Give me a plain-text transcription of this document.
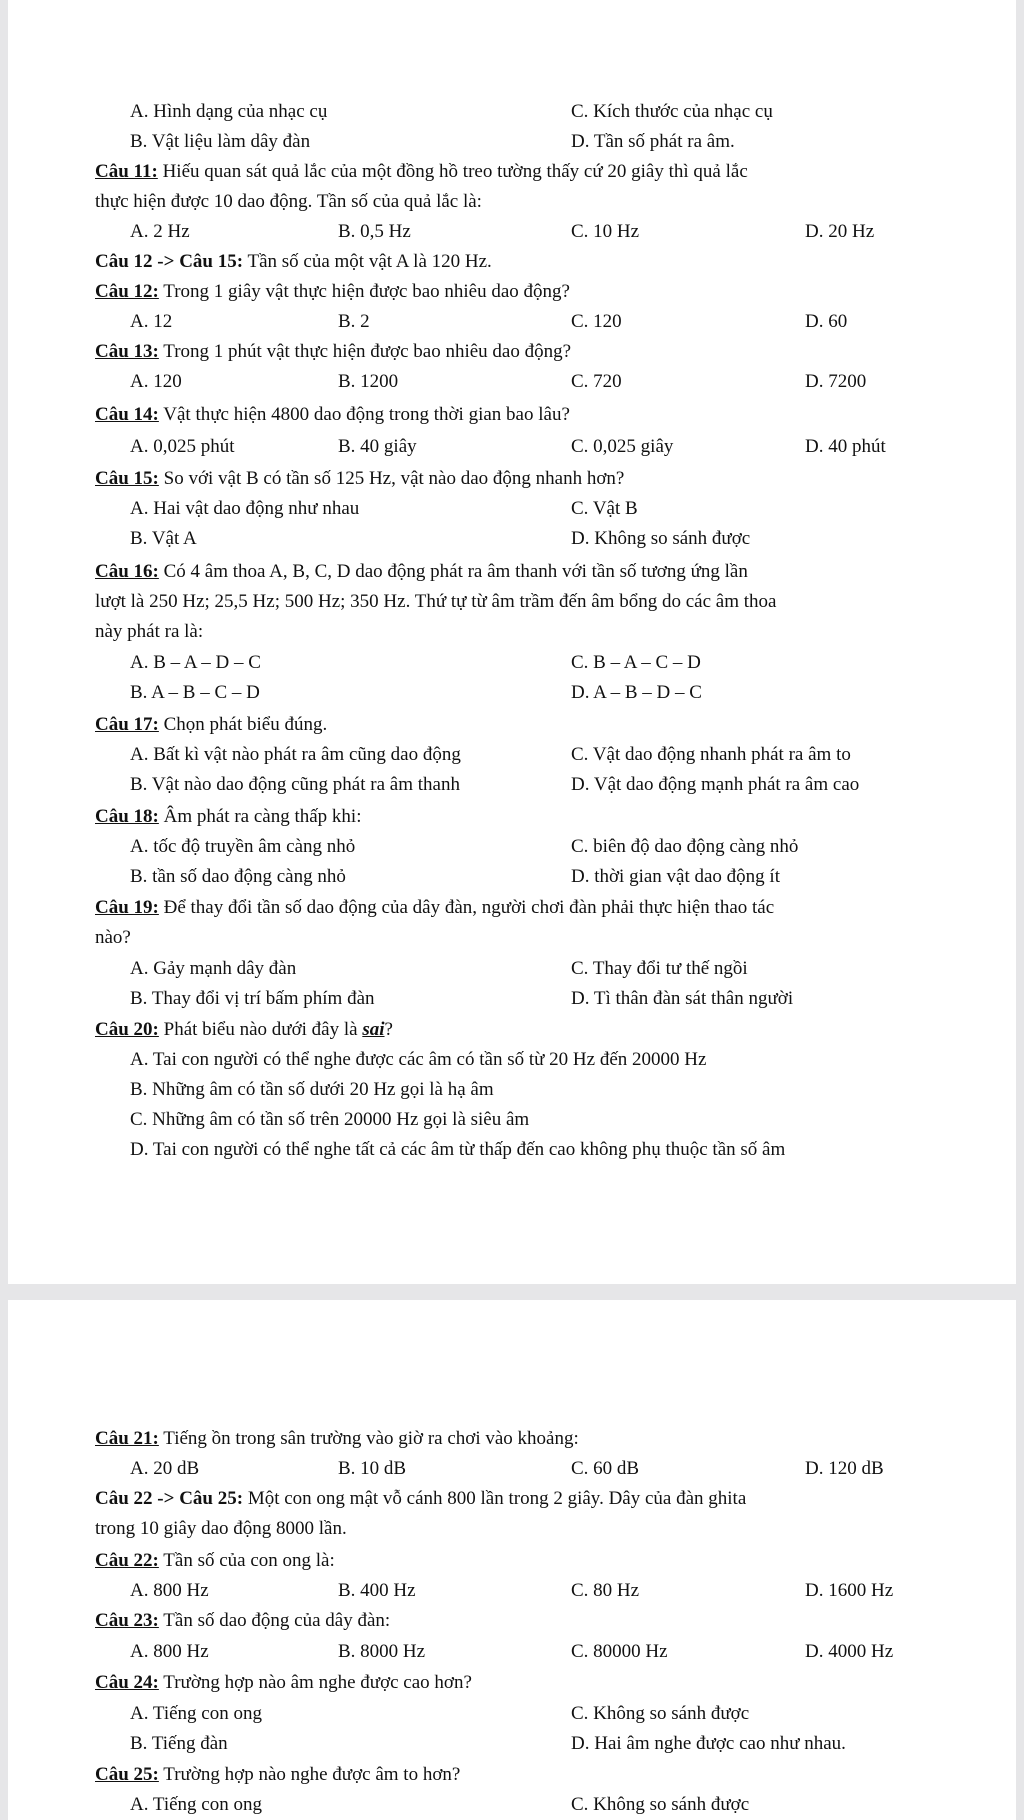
A. Hình dạng của nhạc cụ	C. Kích thước của nhạc cụ
B. Vật liệu làm dây đàn	D. Tần số phát ra âm.
Câu 11: Hiếu quan sát quả lắc của một đồng hồ treo tường thấy cứ 20 giây thì quả lắc
thực hiện được 10 dao động. Tần số của quả lắc là:
A. 2 Hz	B. 0,5 Hz	C. 10 Hz	D. 20 Hz
Câu 12 -> Câu 15: Tần số của một vật A là 120 Hz.
Câu 12: Trong 1 giây vật thực hiện được bao nhiêu dao động?
A. 12	B. 2	C. 120	D. 60
Câu 13: Trong 1 phút vật thực hiện được bao nhiêu dao động?
A. 120	B. 1200	C. 720	D. 7200
Câu 14: Vật thực hiện 4800 dao động trong thời gian bao lâu?
A. 0,025 phút	B. 40 giây	C. 0,025 giây	D. 40 phút
Câu 15: So với vật B có tần số 125 Hz, vật nào dao động nhanh hơn?
A. Hai vật dao động như nhau	C. Vật B
B. Vật A	D. Không so sánh được
Câu 16: Có 4 âm thoa A, B, C, D dao động phát ra âm thanh với tần số tương ứng lần
lượt là 250 Hz; 25,5 Hz; 500 Hz; 350 Hz. Thứ tự từ âm trầm đến âm bổng do các âm thoa
này phát ra là:
A. B – A – D – C	C. B – A – C – D
B. A – B – C – D	D. A – B – D – C
Câu 17: Chọn phát biểu đúng.
A. Bất kì vật nào phát ra âm cũng dao động	C. Vật dao động nhanh phát ra âm to
B. Vật nào dao động cũng phát ra âm thanh	D. Vật dao động mạnh phát ra âm cao
Câu 18: Âm phát ra càng thấp khi:
A. tốc độ truyền âm càng nhỏ	C. biên độ dao động càng nhỏ
B. tần số dao động càng nhỏ	D. thời gian vật dao động ít
Câu 19: Để thay đổi tần số dao động của dây đàn, người chơi đàn phải thực hiện thao tác
nào?
A. Gảy mạnh dây đàn	C. Thay đổi tư thế ngồi
B. Thay đổi vị trí bấm phím đàn	D. Tì thân đàn sát thân người
Câu 20: Phát biểu nào dưới đây là sai?
A. Tai con người có thể nghe được các âm có tần số từ 20 Hz đến 20000 Hz
B. Những âm có tần số dưới 20 Hz gọi là hạ âm
C. Những âm có tần số trên 20000 Hz gọi là siêu âm
D. Tai con người có thể nghe tất cả các âm từ thấp đến cao không phụ thuộc tần số âm
Câu 21: Tiếng ồn trong sân trường vào giờ ra chơi vào khoảng:
A. 20 dB	B. 10 dB	C. 60 dB	D. 120 dB
Câu 22 -> Câu 25: Một con ong mật vỗ cánh 800 lần trong 2 giây. Dây của đàn ghita
trong 10 giây dao động 8000 lần.
Câu 22: Tần số của con ong là:
A. 800 Hz	B. 400 Hz	C. 80 Hz	D. 1600 Hz
Câu 23: Tần số dao động của dây đàn:
A. 800 Hz	B. 8000 Hz	C. 80000 Hz	D. 4000 Hz
Câu 24: Trường hợp nào âm nghe được cao hơn?
A. Tiếng con ong	C. Không so sánh được
B. Tiếng đàn	D. Hai âm nghe được cao như nhau.
Câu 25: Trường hợp nào nghe được âm to hơn?
A. Tiếng con ong	C. Không so sánh được
